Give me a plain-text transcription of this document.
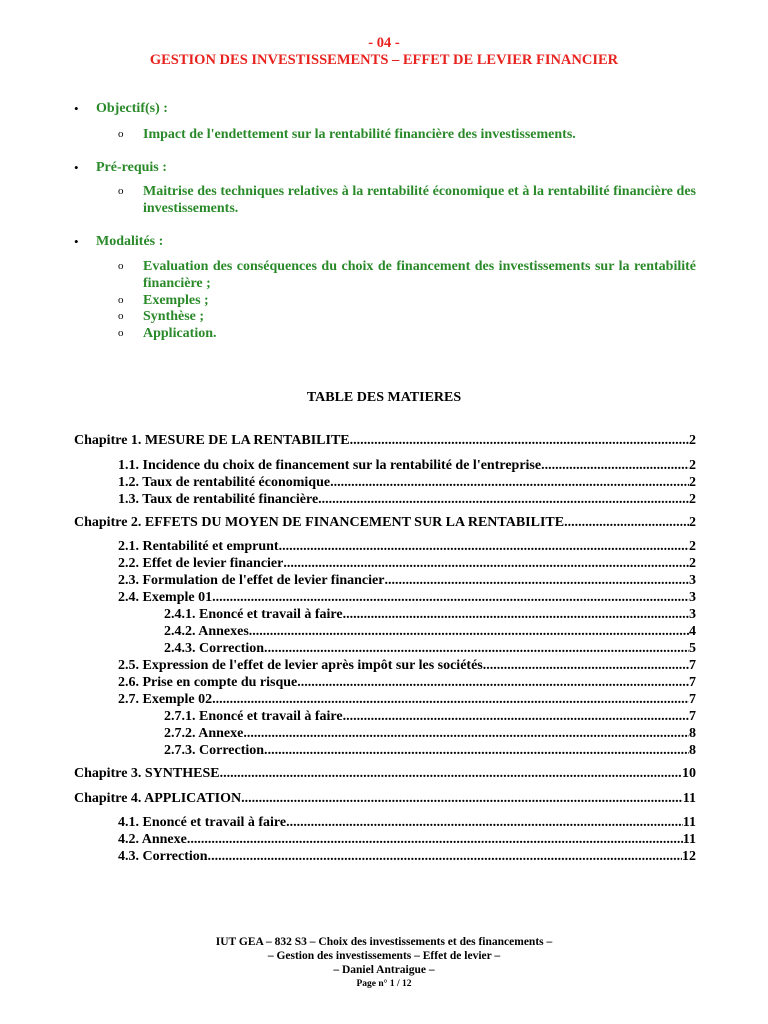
- 04 -
GESTION DES INVESTISSEMENTS – EFFET DE LEVIER FINANCIER
• Objectif(s) :
o Impact de l'endettement sur la rentabilité financière des investissements.
• Pré-requis :
o Maitrise des techniques relatives à la rentabilité économique et à la rentabilité financière des investissements.
• Modalités :
o Evaluation des conséquences du choix de financement des investissements sur la rentabilité financière ;
o Exemples ;
o Synthèse ;
o Application.
TABLE DES MATIERES
Chapitre 1. MESURE DE LA RENTABILITE. .....	2
1.1. Incidence du choix de financement sur la rentabilité de l'entreprise. .....	2
1.2. Taux de rentabilité économique. .....	2
1.3. Taux de rentabilité financière. .....	2
Chapitre 2. EFFETS DU MOYEN DE FINANCEMENT SUR LA RENTABILITE. .....	2
2.1. Rentabilité et emprunt. .....	2
2.2. Effet de levier financier .....	2
2.3. Formulation de l'effet de levier financier .....	3
2.4. Exemple 01. .....	3
2.4.1. Enoncé et travail à faire. .....	3
2.4.2. Annexes .....	4
2.4.3. Correction. .....	5
2.5. Expression de l'effet de levier après impôt sur les sociétés. .....	7
2.6. Prise en compte du risque .....	7
2.7. Exemple 02. .....	7
2.7.1. Enoncé et travail à faire. .....	7
2.7.2. Annexe. .....	8
2.7.3. Correction. .....	8
Chapitre 3. SYNTHESE. .....	10
Chapitre 4. APPLICATION. .....	11
4.1. Enoncé et travail à faire. .....	11
4.2. Annexe. .....	11
4.3. Correction. .....	12
IUT GEA – 832 S3 – Choix des investissements et des financements –
– Gestion des investissements – Effet de levier –
– Daniel Antraigue –
Page n° 1 / 12
